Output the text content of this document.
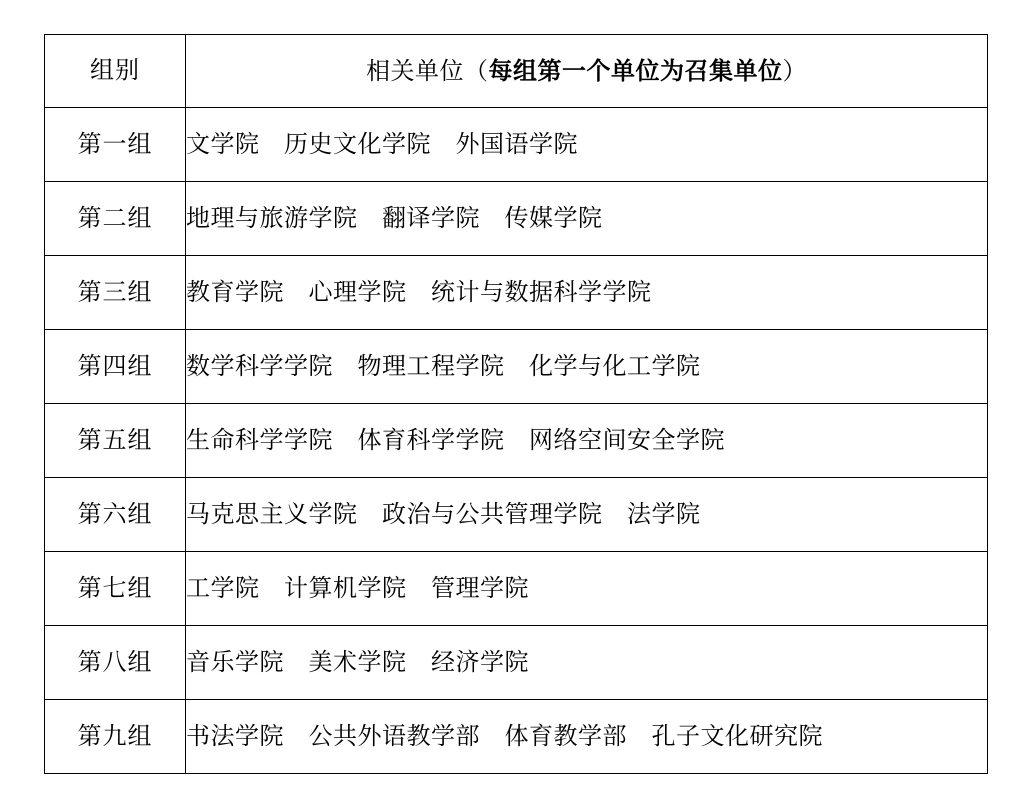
组别	相关单位（每组第一个单位为召集单位）
第一组	文学院　历史文化学院　外国语学院
第二组	地理与旅游学院　翻译学院　传媒学院
第三组	教育学院　心理学院　统计与数据科学学院
第四组	数学科学学院　物理工程学院　化学与化工学院
第五组	生命科学学院　体育科学学院　网络空间安全学院
第六组	马克思主义学院　政治与公共管理学院　法学院
第七组	工学院　计算机学院　管理学院
第八组	音乐学院　美术学院　经济学院
第九组	书法学院　公共外语教学部　体育教学部　孔子文化研究院
